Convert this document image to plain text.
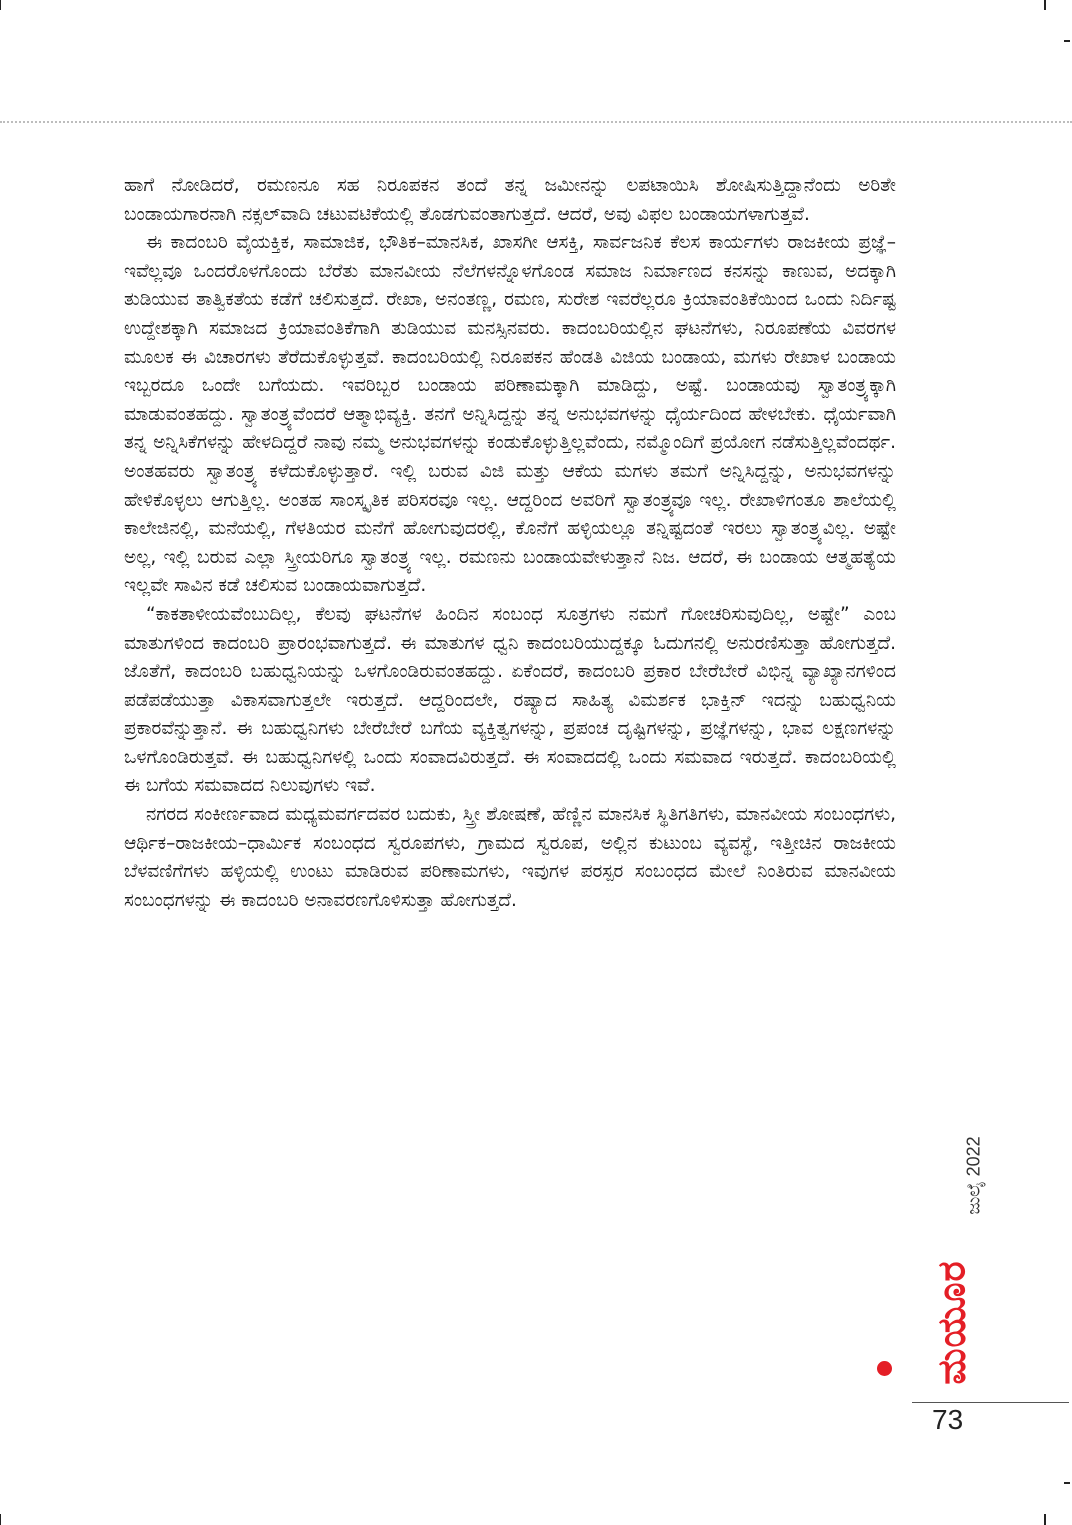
ಹಾಗೆ ನೋಡಿದರೆ, ರಮಣನೂ ಸಹ ನಿರೂಪಕನ ತಂದೆ ತನ್ನ ಜಮೀನನ್ನು ಲಪಟಾಯಿಸಿ ಶೋಷಿಸುತ್ತಿದ್ದಾನೆಂದು ಅರಿತೇ ಬಂಡಾಯಗಾರನಾಗಿ ನಕ್ಸಲ್‌ವಾದಿ ಚಟುವಟಿಕೆಯಲ್ಲಿ ತೊಡಗುವಂತಾಗುತ್ತದೆ. ಆದರೆ, ಅವು ವಿಫಲ ಬಂಡಾಯಗಳಾಗುತ್ತವೆ.

ಈ ಕಾದಂಬರಿ ವೈಯಕ್ತಿಕ, ಸಾಮಾಜಿಕ, ಭೌತಿಕ–ಮಾನಸಿಕ, ಖಾಸಗೀ ಆಸಕ್ತಿ, ಸಾರ್ವಜನಿಕ ಕೆಲಸ ಕಾರ್ಯಗಳು ರಾಜಕೀಯ ಪ್ರಜ್ಞೆ–ಇವೆಲ್ಲವೂ ಒಂದರೊಳಗೊಂದು ಬೆರೆತು ಮಾನವೀಯ ನೆಲೆಗಳನ್ನೊಳಗೊಂಡ ಸಮಾಜ ನಿರ್ಮಾಣದ ಕನಸನ್ನು ಕಾಣುವ, ಅದಕ್ಕಾಗಿ ತುಡಿಯುವ ತಾತ್ವಿಕತೆಯ ಕಡೆಗೆ ಚಲಿಸುತ್ತದೆ. ರೇಖಾ, ಅನಂತಣ್ಣ, ರಮಣ, ಸುರೇಶ ಇವರೆಲ್ಲರೂ ಕ್ರಿಯಾವಂತಿಕೆಯಿಂದ ಒಂದು ನಿರ್ದಿಷ್ಟ ಉದ್ದೇಶಕ್ಕಾಗಿ ಸಮಾಜದ ಕ್ರಿಯಾವಂತಿಕೆಗಾಗಿ ತುಡಿಯುವ ಮನಸ್ಸಿನವರು. ಕಾದಂಬರಿಯಲ್ಲಿನ ಘಟನೆಗಳು, ನಿರೂಪಣೆಯ ವಿವರಗಳ ಮೂಲಕ ಈ ವಿಚಾರಗಳು ತೆರೆದುಕೊಳ್ಳುತ್ತವೆ. ಕಾದಂಬರಿಯಲ್ಲಿ ನಿರೂಪಕನ ಹೆಂಡತಿ ವಿಜಿಯ ಬಂಡಾಯ, ಮಗಳು ರೇಖಾಳ ಬಂಡಾಯ ಇಬ್ಬರದೂ ಒಂದೇ ಬಗೆಯದು. ಇವರಿಬ್ಬರ ಬಂಡಾಯ ಪರಿಣಾಮಕ್ಕಾಗಿ ಮಾಡಿದ್ದು, ಅಷ್ಟೆ. ಬಂಡಾಯವು ಸ್ವಾತಂತ್ರ್ಯಕ್ಕಾಗಿ ಮಾಡುವಂತಹದ್ದು. ಸ್ವಾತಂತ್ರ್ಯವೆಂದರೆ ಆತ್ಮಾಭಿವ್ಯಕ್ತಿ. ತನಗೆ ಅನ್ನಿಸಿದ್ದನ್ನು ತನ್ನ ಅನುಭವಗಳನ್ನು ಧೈರ್ಯದಿಂದ ಹೇಳಬೇಕು. ಧೈರ್ಯವಾಗಿ ತನ್ನ ಅನ್ನಿಸಿಕೆಗಳನ್ನು ಹೇಳದಿದ್ದರೆ ನಾವು ನಮ್ಮ ಅನುಭವಗಳನ್ನು ಕಂಡುಕೊಳ್ಳುತ್ತಿಲ್ಲವೆಂದು, ನಮ್ಮೊಂದಿಗೆ ಪ್ರಯೋಗ ನಡೆಸುತ್ತಿಲ್ಲವೆಂದರ್ಥ. ಅಂತಹವರು ಸ್ವಾತಂತ್ರ್ಯ ಕಳೆದುಕೊಳ್ಳುತ್ತಾರೆ. ಇಲ್ಲಿ ಬರುವ ವಿಜಿ ಮತ್ತು ಆಕೆಯ ಮಗಳು ತಮಗೆ ಅನ್ನಿಸಿದ್ದನ್ನು, ಅನುಭವಗಳನ್ನು ಹೇಳಿಕೊಳ್ಳಲು ಆಗುತ್ತಿಲ್ಲ. ಅಂತಹ ಸಾಂಸ್ಕೃತಿಕ ಪರಿಸರವೂ ಇಲ್ಲ. ಆದ್ದರಿಂದ ಅವರಿಗೆ ಸ್ವಾತಂತ್ರ್ಯವೂ ಇಲ್ಲ. ರೇಖಾಳಿಗಂತೂ ಶಾಲೆಯಲ್ಲಿ ಕಾಲೇಜಿನಲ್ಲಿ, ಮನೆಯಲ್ಲಿ, ಗೆಳತಿಯರ ಮನೆಗೆ ಹೋಗುವುದರಲ್ಲಿ, ಕೊನೆಗೆ ಹಳ್ಳಿಯಲ್ಲೂ ತನ್ನಿಷ್ಟದಂತೆ ಇರಲು ಸ್ವಾತಂತ್ರ್ಯವಿಲ್ಲ. ಅಷ್ಟೇ ಅಲ್ಲ, ಇಲ್ಲಿ ಬರುವ ಎಲ್ಲಾ ಸ್ತ್ರೀಯರಿಗೂ ಸ್ವಾತಂತ್ರ್ಯ ಇಲ್ಲ. ರಮಣನು ಬಂಡಾಯವೇಳುತ್ತಾನೆ ನಿಜ. ಆದರೆ, ಈ ಬಂಡಾಯ ಆತ್ಮಹತ್ಯೆಯ ಇಲ್ಲವೇ ಸಾವಿನ ಕಡೆ ಚಲಿಸುವ ಬಂಡಾಯವಾಗುತ್ತದೆ.

“ಕಾಕತಾಳೀಯವೆಂಬುದಿಲ್ಲ, ಕೆಲವು ಘಟನೆಗಳ ಹಿಂದಿನ ಸಂಬಂಧ ಸೂತ್ರಗಳು ನಮಗೆ ಗೋಚರಿಸುವುದಿಲ್ಲ, ಅಷ್ಟೇ” ಎಂಬ ಮಾತುಗಳಿಂದ ಕಾದಂಬರಿ ಪ್ರಾರಂಭವಾಗುತ್ತದೆ. ಈ ಮಾತುಗಳ ಧ್ವನಿ ಕಾದಂಬರಿಯುದ್ದಕ್ಕೂ ಓದುಗನಲ್ಲಿ ಅನುರಣಿಸುತ್ತಾ ಹೋಗುತ್ತದೆ. ಜೊತೆಗೆ, ಕಾದಂಬರಿ ಬಹುಧ್ವನಿಯನ್ನು ಒಳಗೊಂಡಿರುವಂತಹದ್ದು. ಏಕೆಂದರೆ, ಕಾದಂಬರಿ ಪ್ರಕಾರ ಬೇರೆಬೇರೆ ವಿಭಿನ್ನ ವ್ಯಾಖ್ಯಾನಗಳಿಂದ ಪಡೆಪಡೆಯುತ್ತಾ ವಿಕಾಸವಾಗುತ್ತಲೇ ಇರುತ್ತದೆ. ಆದ್ದರಿಂದಲೇ, ರಷ್ಯಾದ ಸಾಹಿತ್ಯ ವಿಮರ್ಶಕ ಭಾಕ್ತಿನ್ ಇದನ್ನು ಬಹುಧ್ವನಿಯ ಪ್ರಕಾರವೆನ್ನುತ್ತಾನೆ. ಈ ಬಹುಧ್ವನಿಗಳು ಬೇರೆಬೇರೆ ಬಗೆಯ ವ್ಯಕ್ತಿತ್ವಗಳನ್ನು, ಪ್ರಪಂಚ ದೃಷ್ಟಿಗಳನ್ನು, ಪ್ರಜ್ಞೆಗಳನ್ನು, ಭಾವ ಲಕ್ಷಣಗಳನ್ನು ಒಳಗೊಂಡಿರುತ್ತವೆ. ಈ ಬಹುಧ್ವನಿಗಳಲ್ಲಿ ಒಂದು ಸಂವಾದವಿರುತ್ತದೆ. ಈ ಸಂವಾದದಲ್ಲಿ ಒಂದು ಸಮವಾದ ಇರುತ್ತದೆ. ಕಾದಂಬರಿಯಲ್ಲಿ ಈ ಬಗೆಯ ಸಮವಾದದ ನಿಲುವುಗಳು ಇವೆ.

ನಗರದ ಸಂಕೀರ್ಣವಾದ ಮಧ್ಯಮವರ್ಗದವರ ಬದುಕು, ಸ್ತ್ರೀ ಶೋಷಣೆ, ಹೆಣ್ಣಿನ ಮಾನಸಿಕ ಸ್ಥಿತಿಗತಿಗಳು, ಮಾನವೀಯ ಸಂಬಂಧಗಳು, ಆರ್ಥಿಕ–ರಾಜಕೀಯ–ಧಾರ್ಮಿಕ ಸಂಬಂಧದ ಸ್ವರೂಪಗಳು, ಗ್ರಾಮದ ಸ್ವರೂಪ, ಅಲ್ಲಿನ ಕುಟುಂಬ ವ್ಯವಸ್ಥೆ, ಇತ್ತೀಚಿನ ರಾಜಕೀಯ ಬೆಳವಣಿಗೆಗಳು ಹಳ್ಳಿಯಲ್ಲಿ ಉಂಟು ಮಾಡಿರುವ ಪರಿಣಾಮಗಳು, ಇವುಗಳ ಪರಸ್ಪರ ಸಂಬಂಧದ ಮೇಲೆ ನಿಂತಿರುವ ಮಾನವೀಯ ಸಂಬಂಧಗಳನ್ನು ಈ ಕಾದಂಬರಿ ಅನಾವರಣಗೊಳಿಸುತ್ತಾ ಹೋಗುತ್ತದೆ.

ಜುಲೈ 2022
ಮಯೂರ
73
